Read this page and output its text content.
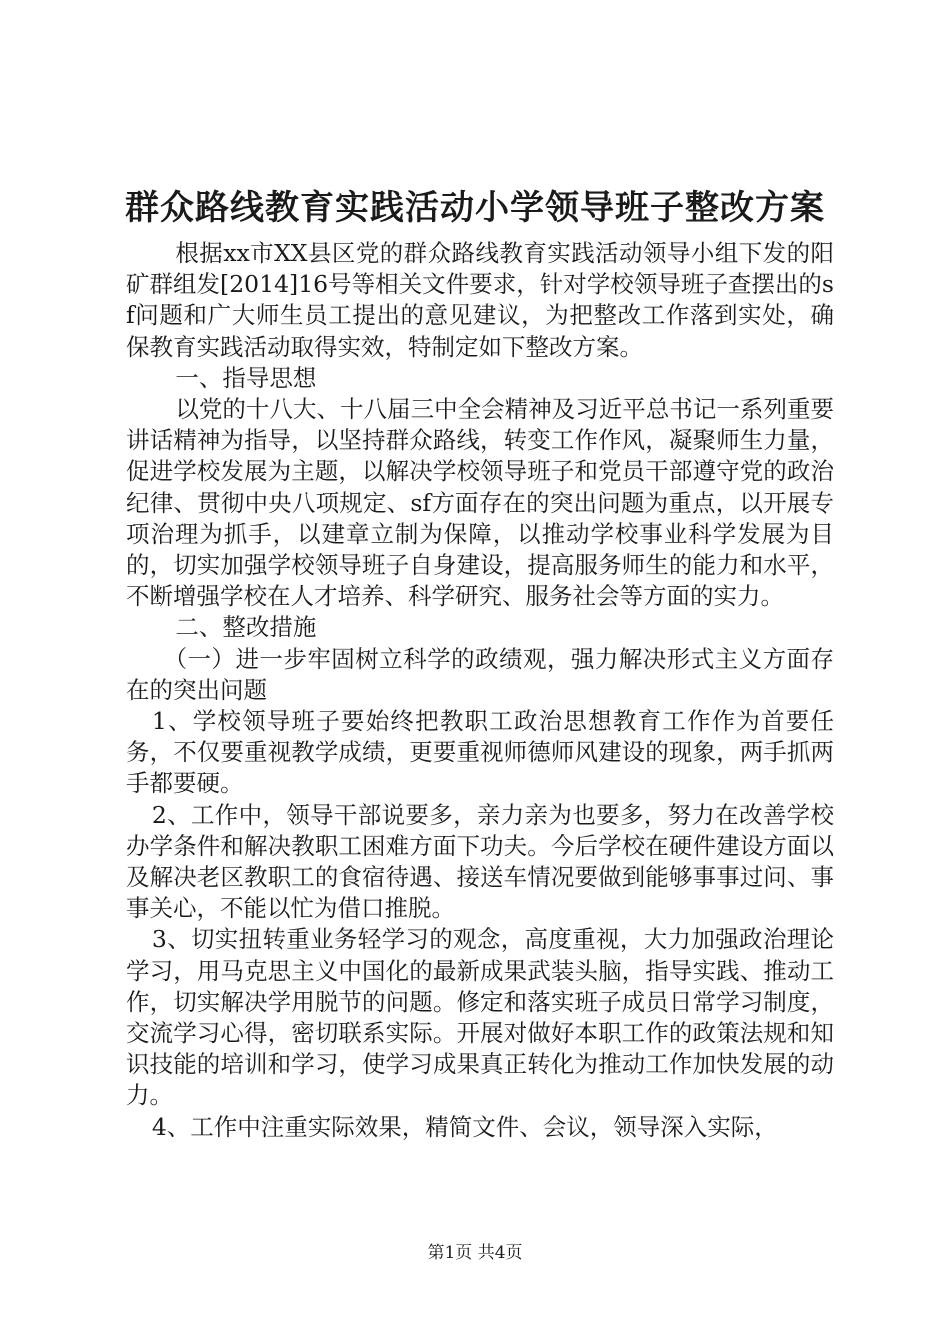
群众路线教育实践活动小学领导班子整改方案

根据xx市XX县区党的群众路线教育实践活动领导小组下发的阳矿群组发[2014]16号等相关文件要求，针对学校领导班子查摆出的sf问题和广大师生员工提出的意见建议，为把整改工作落到实处，确保教育实践活动取得实效，特制定如下整改方案。

一、指导思想

以党的十八大、十八届三中全会精神及习近平总书记一系列重要讲话精神为指导，以坚持群众路线，转变工作作风，凝聚师生力量，促进学校发展为主题，以解决学校领导班子和党员干部遵守党的政治纪律、贯彻中央八项规定、sf方面存在的突出问题为重点，以开展专项治理为抓手，以建章立制为保障，以推动学校事业科学发展为目的，切实加强学校领导班子自身建设，提高服务师生的能力和水平，不断增强学校在人才培养、科学研究、服务社会等方面的实力。

二、整改措施

（一）进一步牢固树立科学的政绩观，强力解决形式主义方面存在的突出问题

1、学校领导班子要始终把教职工政治思想教育工作作为首要任务，不仅要重视教学成绩，更要重视师德师风建设的现象，两手抓两手都要硬。

2、工作中，领导干部说要多，亲力亲为也要多，努力在改善学校办学条件和解决教职工困难方面下功夫。今后学校在硬件建设方面以及解决老区教职工的食宿待遇、接送车情况要做到能够事事过问、事事关心，不能以忙为借口推脱。

3、切实扭转重业务轻学习的观念，高度重视，大力加强政治理论学习，用马克思主义中国化的最新成果武装头脑，指导实践、推动工作，切实解决学用脱节的问题。修定和落实班子成员日常学习制度，交流学习心得，密切联系实际。开展对做好本职工作的政策法规和知识技能的培训和学习，使学习成果真正转化为推动工作加快发展的动力。

4、工作中注重实际效果，精简文件、会议，领导深入实际，

第1页 共4页
